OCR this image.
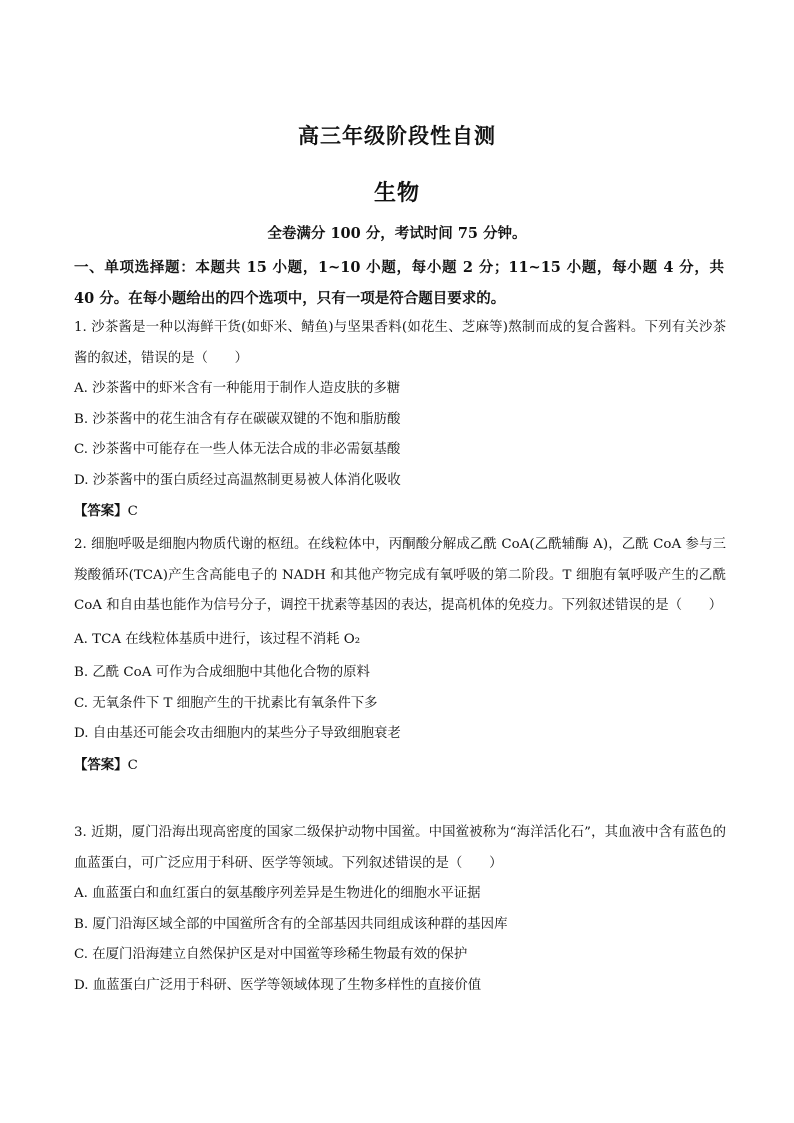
高三年级阶段性自测
生物
全卷满分 100 分，考试时间 75 分钟。
一、单项选择题：本题共 15 小题，1~10 小题，每小题 2 分；11~15 小题，每小题 4 分，共 40 分。在每小题给出的四个选项中，只有一项是符合题目要求的。
1. 沙茶酱是一种以海鲜干货(如虾米、鲭鱼)与坚果香料(如花生、芝麻等)熬制而成的复合酱料。下列有关沙茶酱的叙述，错误的是（　　）
A. 沙茶酱中的虾米含有一种能用于制作人造皮肤的多糖
B. 沙茶酱中的花生油含有存在碳碳双键的不饱和脂肪酸
C. 沙茶酱中可能存在一些人体无法合成的非必需氨基酸
D. 沙茶酱中的蛋白质经过高温熬制更易被人体消化吸收
【答案】C
2. 细胞呼吸是细胞内物质代谢的枢纽。在线粒体中，丙酮酸分解成乙酰 CoA(乙酰辅酶 A)，乙酰 CoA 参与三羧酸循环(TCA)产生含高能电子的 NADH 和其他产物完成有氧呼吸的第二阶段。T 细胞有氧呼吸产生的乙酰 CoA 和自由基也能作为信号分子，调控干扰素等基因的表达，提高机体的免疫力。下列叙述错误的是（　　）
A. TCA 在线粒体基质中进行，该过程不消耗 O₂
B. 乙酰 CoA 可作为合成细胞中其他化合物的原料
C. 无氧条件下 T 细胞产生的干扰素比有氧条件下多
D. 自由基还可能会攻击细胞内的某些分子导致细胞衰老
【答案】C
3. 近期，厦门沿海出现高密度的国家二级保护动物中国鲎。中国鲎被称为“海洋活化石”，其血液中含有蓝色的血蓝蛋白，可广泛应用于科研、医学等领域。下列叙述错误的是（　　）
A. 血蓝蛋白和血红蛋白的氨基酸序列差异是生物进化的细胞水平证据
B. 厦门沿海区域全部的中国鲎所含有的全部基因共同组成该种群的基因库
C. 在厦门沿海建立自然保护区是对中国鲎等珍稀生物最有效的保护
D. 血蓝蛋白广泛用于科研、医学等领域体现了生物多样性的直接价值
